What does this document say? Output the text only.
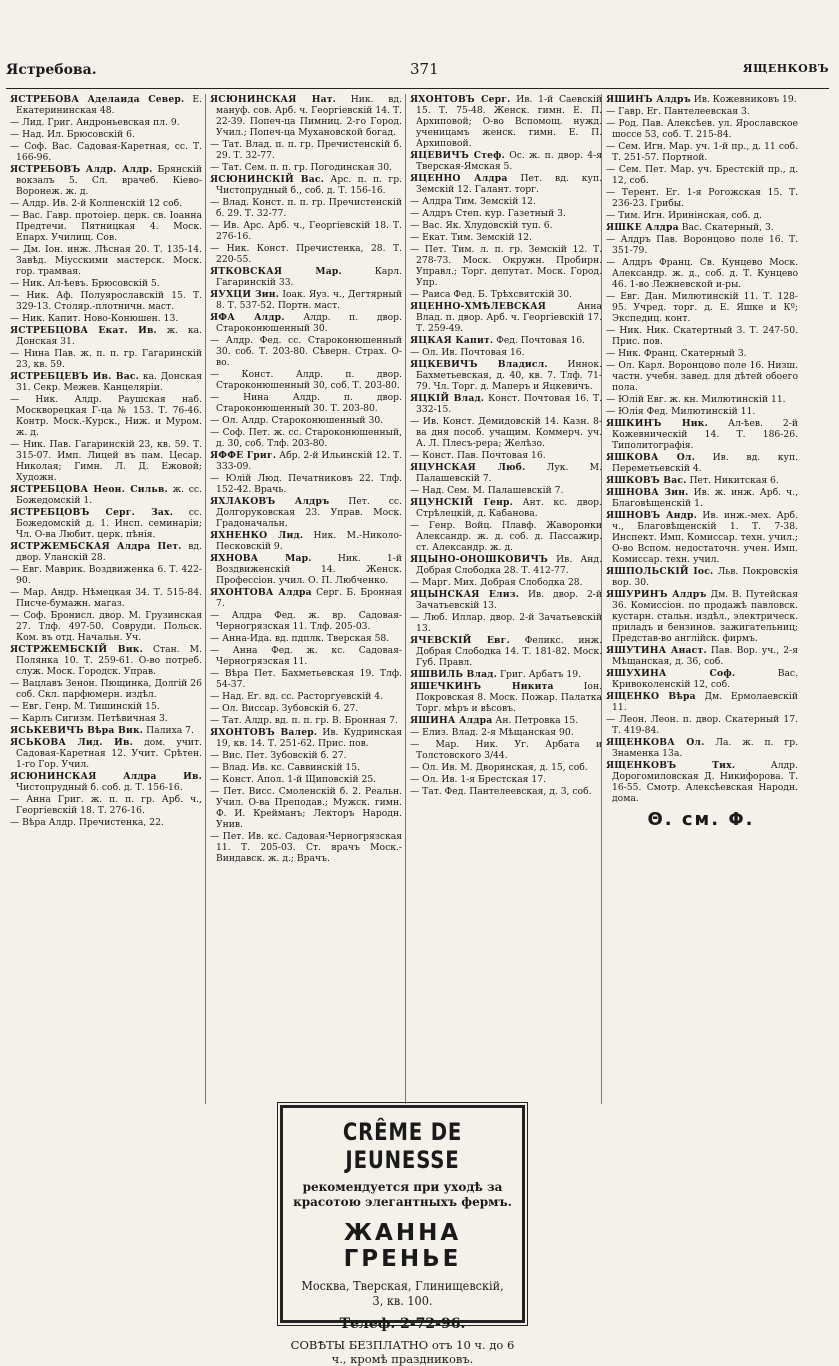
Ястребова.	371	ЯЩЕНКОВЪ
ЯСТРЕБОВА Аделаида Север. Е. Екатерининская 48.
— Лид. Григ. Андроньевская пл. 9.
— Над. Ил. Брюсовскій 6.
— Соф. Вас. Садовая-Каретная, сс. Т. 166-96.
ЯСТРЕБОВЪ Алдр. Алдр. Брянскій вокзалъ 5. Сл. врачеб. Кіево-Воронеж. ж. д.
— Алдр. Ив. 2-й Колпенскій 12 соб.
— Вас. Гавр. протоіер. церк. св. Іоанна Предтечи. Пятницкая 4. Моск. Епарх. Училищ. Сов.
— Дм. Іон. инж. Лѣсная 20. Т. 135-14. Завѣд. Міусскими мастерск. Моск. гор. трамвая.
— Ник. Ал-ѣевъ. Брюсовскій 5.
— Ник. Аф. Полуярославскій 15. Т. 329-13. Столяр.-плотничн. маст.
— Ник. Капит. Ново-Конюшен. 13.
ЯСТРЕБЦОВА Екат. Ив. ж. ка. Донская 31.
— Нина Пав. ж. п. п. гр. Гагаринскій 23, кв. 59.
ЯСТРЕБЦЕВЪ Ив. Вас. ка. Донская 31. Секр. Межев. Канцеляріи.
— Ник. Алдр. Раушская наб. Москворецкая Г-ца № 153. Т. 76-46. Контр. Моск.-Курск., Ниж. и Муром. ж. д.
— Ник. Пав. Гагаринскій 23, кв. 59. Т. 315-07. Имп. Лицей въ пам. Цесар. Николая; Гимн. Л. Д. Ежовой; Художн.
ЯСТРЕБЦОВА Неон. Сильв. ж. сс. Божедомскій 1.
ЯСТРЕБЦОВЪ Серг. Зах. сс. Божедомскій д. 1. Инсп. семинаріи; Чл. О-ва Любит. церк. пѣнія.
ЯСТРЖЕМБСКАЯ Алдра Пет. вд. двор. Уланскій 28.
— Евг. Маврик. Воздвиженка 6. Т. 422-90.
— Мар. Андр. Нѣмецкая 34. Т. 515-84. Писче-бумажн. магаз.
— Соф. Бронисл. двор. М. Грузинская 27. Тлф. 497-50. Совруди. Польск. Ком. въ отд. Начальн. Уч.
ЯСТРЖЕМБСКІЙ Вик. Стан. М. Полянка 10. Т. 259-61. О-во потреб. служ. Моск. Городск. Управ.
— Вацлавъ Зенон. Пющинка, Долгій 26 соб. Скл. парфюмерн. издѣл.
— Евг. Генр. М. Тишинскій 15.
— Карлъ Сигизм. Петѣвичная 3.
ЯСЬКЕВИЧЪ Вѣра Вик. Палиха 7.
ЯСЬКОВА Лид. Ив. дом. учит. Садовая-Каретная 12. Учит. Срѣтен. 1-го Гор. Учил.
ЯСЮНИНСКАЯ Алдра Ив. Чистопрудный б. соб. д. Т. 156-16.
— Анна Григ. ж. п. п. гр. Арб. ч., Георгіевскій 18. Т. 276-16.
— Вѣра Алдр. Пречистенка, 22.
ЯСЮНИНСКАЯ Нат. Ник. вд. мануф. сов. Арб. ч. Георгіевскій 14. Т. 22-39. Попеч-ца Пимниц. 2-го Город. Учил.; Попеч-ца Мухановской богад.
— Тат. Влад. п. п. гр. Пречистенскій б. 29. Т. 32-77.
— Тат. Сем. п. п. гр. Погодинская 30.
ЯСЮНИНСКІЙ Вас. Арс. п. п. гр. Чистопрудный б., соб. д. Т. 156-16.
— Влад. Конст. п. п. гр. Пречистенскій б. 29. Т. 32-77.
— Ив. Арс. Арб. ч., Георгіевскій 18. Т. 276-16.
— Ник. Конст. Пречистенка, 28. Т. 220-55.
ЯТКОВСКАЯ Мар.	Карл. Гагаринскій 33.
ЯУХЦИ Зин. Іоак. Яуз. ч., Дегтярный 8. Т. 537-52. Портн. маст.
ЯФА Алдр. Алдр. п. двор. Староконюшенный 30.
— Алдр. Фед. сс. Староконюшенный 30. соб. Т. 203-80. Сѣверн. Страх. О-во.
— Конст. Алдр. п. двор. Староконюшенный 30, соб. Т. 203-80.
— Нина Алдр. п. двор. Староконюшенный 30. Т. 203-80.
— Ол. Алдр. Староконюшенный 30.
— Соф. Пет. ж. сс. Староконюшенный, д. 30, соб. Тлф. 203-80.
ЯФФЕ Григ. Абр. 2-й Ильинскій 12. Т. 333-09.
— Юлій Люд. Печатниковъ 22. Тлф. 152-42. Врачь.
ЯХЛАКОВЪ Алдръ Пет. сс. Долгоруковская 23. Управ. Моск. Градоначальн.
ЯХНЕНКО Лид. Ник. М.-Николо-Песковскій 9.
ЯХНОВА Мар.	Ник. 1-й Воздвиженскій 14. Женск. Профессіон. учил. О. П. Любченко.
ЯХОНТОВА Алдра Серг. Б. Бронная 7.
— Алдра Фед. ж. вр. Садовая-Черногрязская 11. Тлф. 205-03.
— Анна-Ида. вд. пдплк. Тверская 58.
— Анна Фед. ж. кс. Садовая-Черногрязская 11.
— Вѣра Пет. Бахметьевская 19. Тлф. 54-37.
— Над. Ег. вд. сс. Расторгуевскій 4.
— Ол. Виссар. Зубовскій 6. 27.
— Тат. Алдр. вд. п. п. гр. В. Бронная 7.
ЯХОНТОВЪ Валер. Ив. Кудринская 19, кв. 14. Т. 251-62. Прис. пов.
— Вис. Пет. Зубовскій б. 27.
— Влад. Ив. кс. Саввинскій 15.
— Конст. Апол. 1-й Щиповскій 25.
— Пет. Висс. Смоленскій б. 2. Реальн. Учил. О-ва Преподав.; Мужск. гимн. Ф. И. Крейманъ; Лекторъ Народн. Унив.
— Пет. Ив. кс. Садовая-Черногрязская 11. Т. 205-03. Ст. врачъ Моск.-Виндавск. ж. д.; Врачъ.
ЯХОНТОВЪ Серг. Ив. 1-й Саевскій 15. Т. 75-48. Женск. гимн. Е. П. Архиповой; О-во Вспомощ. нужд. ученицамъ женск. гимн. Е. П. Архиповой.
ЯЦЕВИЧЪ Стеф. Ос. ж. п. двор. 4-я Тверская-Ямская 5.
ЯЦЕННО Алдра Пет. вд. куп. Земскій 12. Галант. торг.
— Алдра Тим. Земскій 12.
— Алдръ Степ. кур. Газетный 3.
— Вас. Як. Хлудовскій туп. 6.
— Екат. Тим. Земскій 12.
— Пет. Тим. л. п. гр. Земскій 12. Т. 278-73. Моск. Окружн. Пробирн. Управл.; Торг. депутат. Моск. Город. Упр.
— Раиса Фед. Б. Трѣхсвятскій 30.
ЯЦЕННО-ХМѢЛЕВСКАЯ	Анна Влад. п. двор. Арб. ч. Георгіевскій 17. Т. 259-49.
ЯЦКАЯ Капит. Фед. Почтовая 16.
— Ол. Ив. Почтовая 16.
ЯЦКЕВИЧЪ Владисл. Иннок. Бахметьевская, д. 40, кв. 7. Тлф. 71-79. Чл. Торг. д. Маперъ и Яцкевичъ.
ЯЦКІЙ Влад. Конст. Почтовая 16. Т. 332-15.
— Ив. Конст. Демидовскій 14. Казн. 8-ва дня пособ. учащим. Коммерч. уч. А. Л. Плесъ-рера; Желѣзо.
— Конст. Пав. Почтовая 16.
ЯЦУНСКАЯ Люб. Лук. М. Палашевскій 7.
— Над. Сем. М. Палашевскій 7.
ЯЦУНСКІЙ Генр. Ант. кс. двор. Стрѣлецкій, д. Кабанова.
— Генр. Войц. Плавф. Жаворонки Александр. ж. д. соб. д. Пассажир. ст. Александр. ж. д.
ЯЦЫНО-ОНОШКОВИЧЪ Ив. Анд. Добрая Слободка 28. Т. 412-77.
— Марг. Мих. Добрая Слободка 28.
ЯЦЫНСКАЯ Елиз. Ив. двор. 2-й Зачатьевскій 13.
— Люб. Иллар. двор. 2-й Зачатьевскій 13.
ЯЧЕВСКІЙ Евг. Феликс. инж. Добрая Слободка 14. Т. 181-82. Моск. Губ. Правл.
ЯШВИЛЬ Влад. Григ. Арбатъ 19.
ЯШЕЧКИНЪ Никита	Іон. Покровская 8. Моск. Пожар. Палатка Торг. мѣръ и вѣсовъ.
ЯШИНА Алдра Ан. Петровка 15.
— Елиз. Влад. 2-я Мѣщанская 90.
— Мар. Ник. Уг. Арбата и Толстовского 3/44.
— Ол. Ив. М. Дворянская, д. 15, соб.
— Ол. Ив. 1-я Брестская 17.
— Тат. Фед. Пантелеевская, д. 3, соб.
ЯШИНЪ Алдръ Ив. Кожевниковъ 19.
— Гавр. Ег. Пантелеевская 3.
— Род. Пав. Алексѣев. ул. Ярославское шоссе 53, соб. Т. 215-84.
— Сем. Игн. Мар. уч. 1-й пр., д. 11 соб. Т. 251-57. Портной.
— Сем. Пет. Мар. уч. Брестскій пр., д. 12, соб.
— Терент. Ег. 1-я Рогожская 15. Т. 236-23. Грибы.
— Тим. Игн. Иринінская, соб. д.
ЯШКЕ Алдра Вас. Скатерный, 3.
— Алдръ Пав. Воронцово поле 16. Т. 351-79.
— Алдръ Франц. Св. Кунцево Моск. Александр. ж. д., соб. д. Т. Кунцево 46. 1-во Лежневской и-ры.
— Евг. Дан. Милютинскій 11. Т. 128-95. Учред. торг. д. Е. Яшке и Кº; Экспедиц. конт.
— Ник. Ник. Скатертный 3. Т. 247-50. Прис. пов.
— Ник. Франц. Скатерный 3.
— Ол. Карл. Воронцово поле 16. Низш. частн. учебн. завед. для дѣтей обоего пола.
— Юлій Евг. ж. кн. Милютинскій 11.
— Юлія Фед. Милютинскій 11.
ЯШКИНЪ Ник. Ал-ѣев. 2-й Кожевническій 14. Т. 186-26. Типолитографія.
ЯШКОВА Ол. Ив. вд. куп. Переметьевскій 4.
ЯШКОВЪ Вас. Пет. Никитская 6.
ЯШНОВА Зин. Ив. ж. инж. Арб. ч., Благовѣщенскій 1.
ЯШНОВЪ Андр. Ив. инж.-мех. Арб. ч., Благовѣщенскій 1. Т. 7-38. Инспект. Имп. Комиссар. техн. учил.; О-во Вспом. недостаточн. учен. Имп. Комиссар. техн. учил.
ЯШПОЛЬСКІЙ Іос. Льв. Покровскія вор. 30.
ЯШУРИНЪ Алдръ Дм. В. Путейская 36. Комиссіон. по продажѣ павловск. кустарн. стальн. издѣл., электрическ. приладъ и бензинов. зажигательниц; Представ-во англійск. фирмъ.
ЯШУТИНА Анаст. Пав. Вор. уч., 2-я Мѣщанская, д. 36, соб.
ЯШУХИНА Соф.	Вас. Кривоколенскій 12, соб.
ЯЩЕНКО Вѣра Дм. Ермолаевскій 11.
— Леон. Леон. п. двор. Скатерный 17. Т. 419-84.
ЯЩЕНКОВА Ол. Ла. ж. п. гр. Знаменка 13а.
ЯЩЕНКОВЪ Тих.	Алдр. Дорогомиловская Д. Никифорова. Т. 16-55. Смотр. Алексѣевская Народн. дома.
Θ. см. Φ.
CRÊME DE JEUNESSE
рекомендуется при уходѣ за красотою элегантныхъ фермъ.
ЖАННА ГРЕНЬЕ
Москва, Тверская, Глинищевскій, 3, кв. 100.
Телеф. 2-72-96.
СОВѢТЫ БЕЗПЛАТНО отъ 10 ч. до 6 ч., кромѣ праздниковъ.
